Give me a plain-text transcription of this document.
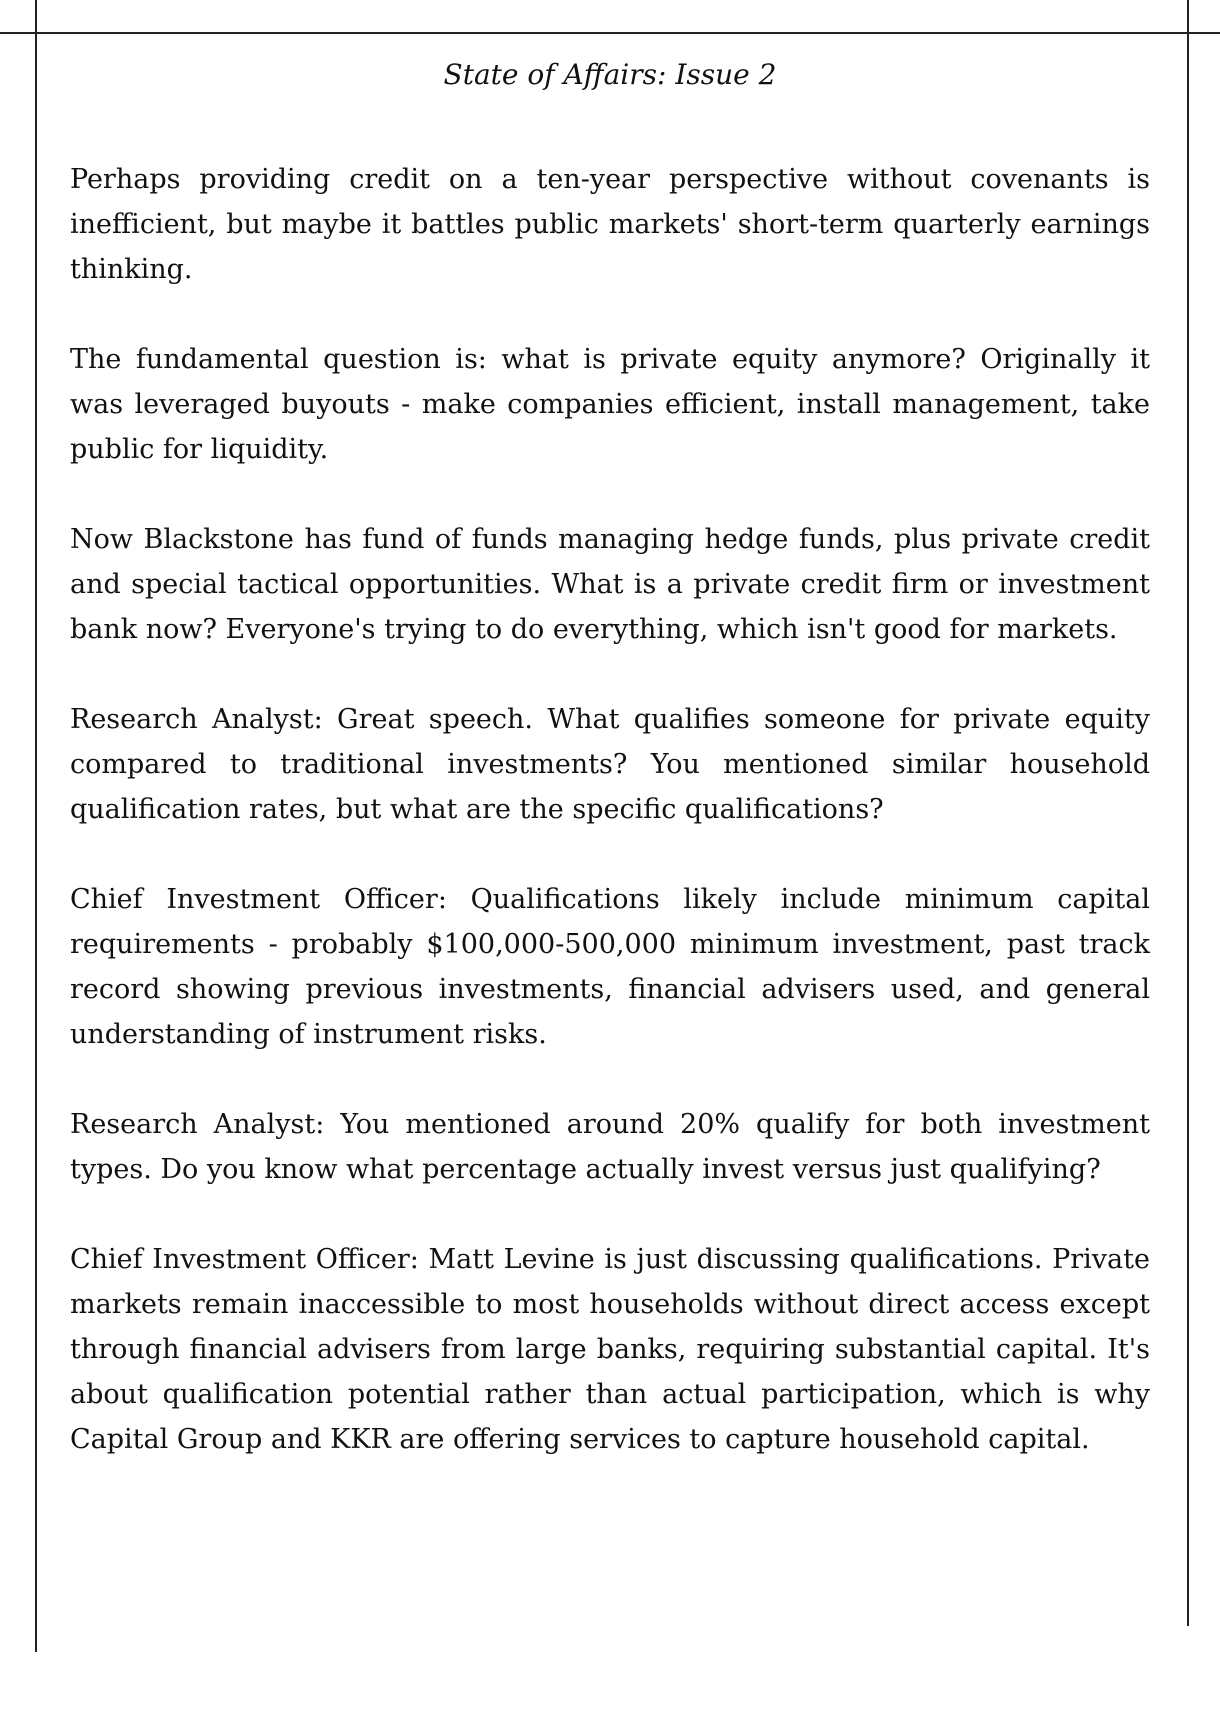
State of Affairs: Issue 2

Perhaps providing credit on a ten-year perspective without covenants is inefficient, but maybe it battles public markets' short-term quarterly earnings thinking.

The fundamental question is: what is private equity anymore? Originally it was leveraged buyouts - make companies efficient, install management, take public for liquidity.

Now Blackstone has fund of funds managing hedge funds, plus private credit and special tactical opportunities. What is a private credit firm or investment bank now? Everyone's trying to do everything, which isn't good for markets.

Research Analyst: Great speech. What qualifies someone for private equity compared to traditional investments? You mentioned similar household qualification rates, but what are the specific qualifications?

Chief Investment Officer: Qualifications likely include minimum capital requirements - probably $100,000-500,000 minimum investment, past track record showing previous investments, financial advisers used, and general understanding of instrument risks.

Research Analyst: You mentioned around 20% qualify for both investment types. Do you know what percentage actually invest versus just qualifying?

Chief Investment Officer: Matt Levine is just discussing qualifications. Private markets remain inaccessible to most households without direct access except through financial advisers from large banks, requiring substantial capital. It's about qualification potential rather than actual participation, which is why Capital Group and KKR are offering services to capture household capital.
